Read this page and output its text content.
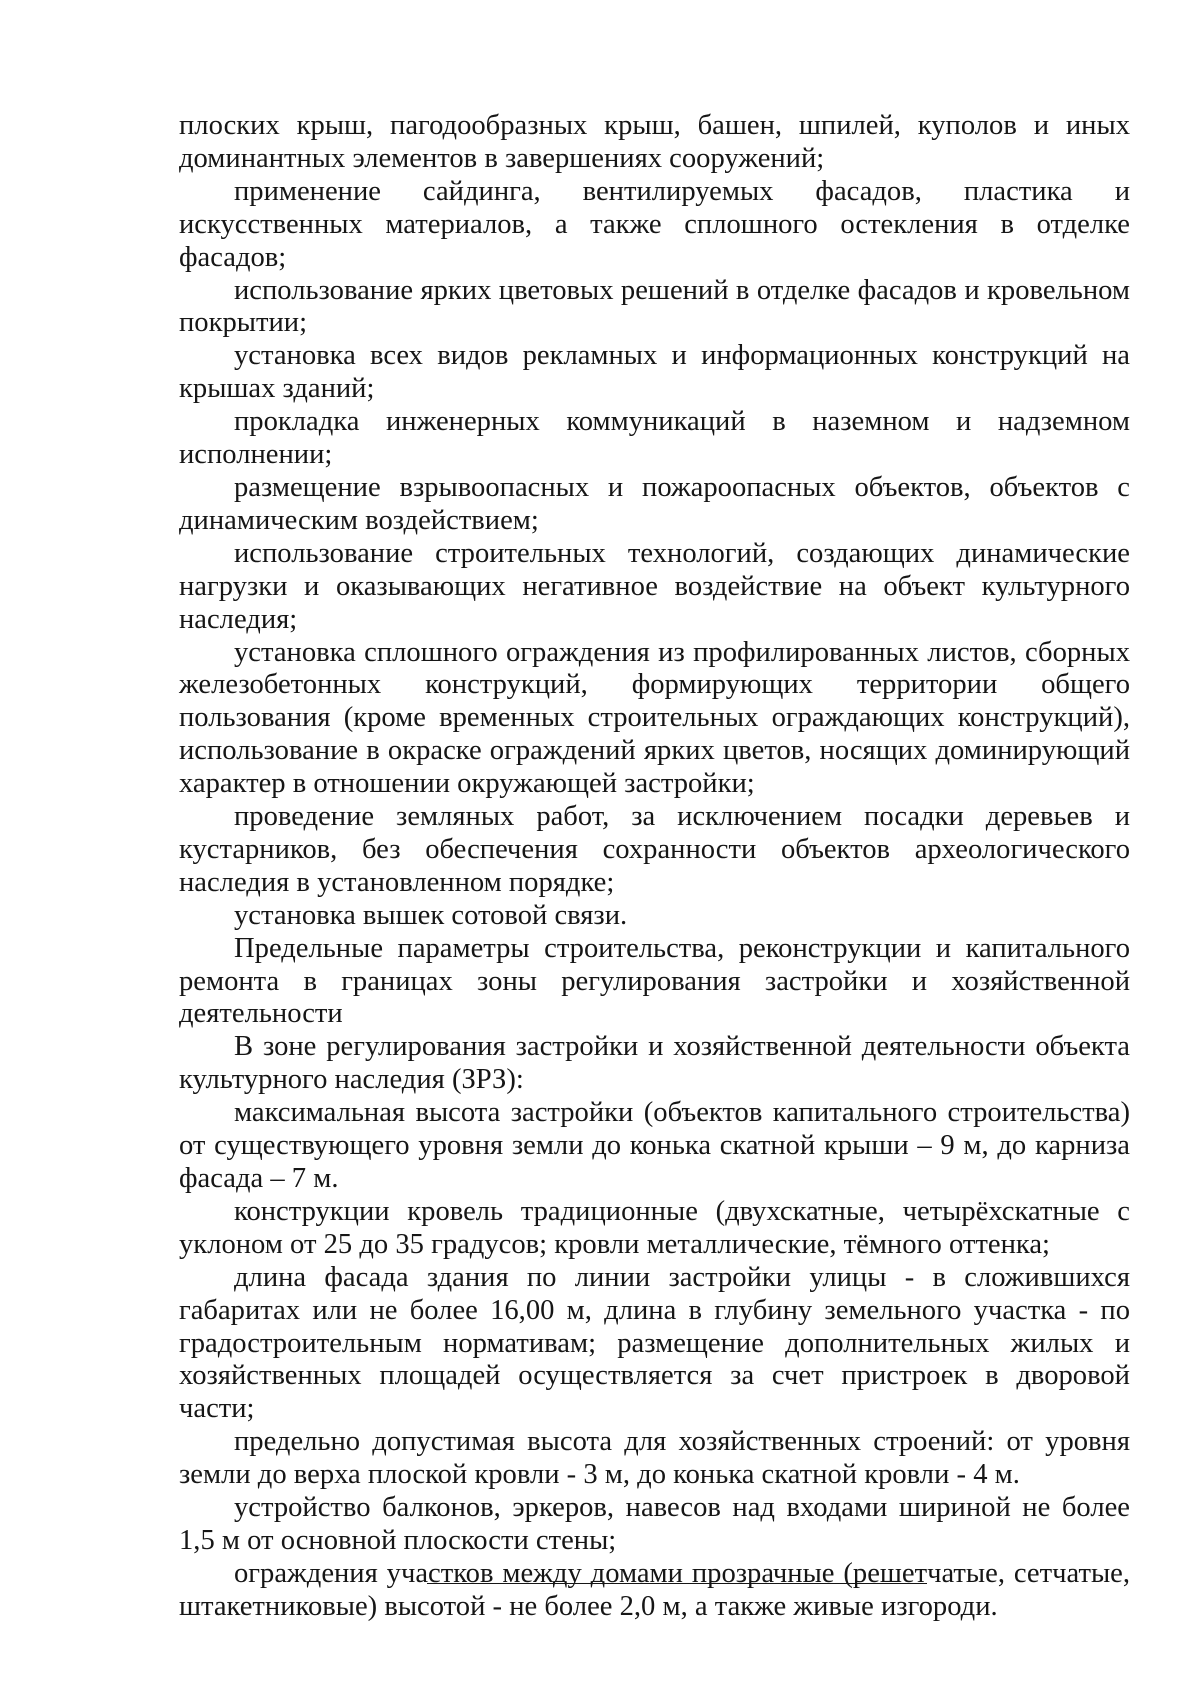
плоских крыш, пагодообразных крыш, башен, шпилей, куполов и иных доминантных элементов в завершениях сооружений;

применение сайдинга, вентилируемых фасадов, пластика и искусственных материалов, а также сплошного остекления в отделке фасадов;

использование ярких цветовых решений в отделке фасадов и кровельном покрытии;

установка всех видов рекламных и информационных конструкций на крышах зданий;

прокладка инженерных коммуникаций в наземном и надземном исполнении;

размещение взрывоопасных и пожароопасных объектов, объектов с динамическим воздействием;

использование строительных технологий, создающих динамические нагрузки и оказывающих негативное воздействие на объект культурного наследия;

установка сплошного ограждения из профилированных листов, сборных железобетонных конструкций, формирующих территории общего пользования (кроме временных строительных ограждающих конструкций), использование в окраске ограждений ярких цветов, носящих доминирующий характер в отношении окружающей застройки;

проведение земляных работ, за исключением посадки деревьев и кустарников, без обеспечения сохранности объектов археологического наследия в установленном порядке;

установка вышек сотовой связи.

Предельные параметры строительства, реконструкции и капитального ремонта в границах зоны регулирования застройки и хозяйственной деятельности

В зоне регулирования застройки и хозяйственной деятельности объекта культурного наследия (ЗРЗ):

максимальная высота застройки (объектов капитального строительства) от существующего уровня земли до конька скатной крыши – 9 м, до карниза фасада – 7 м.

конструкции кровель традиционные (двухскатные, четырёхскатные с уклоном от 25 до 35 градусов; кровли металлические, тёмного оттенка;

длина фасада здания по линии застройки улицы - в сложившихся габаритах или не более 16,00 м, длина в глубину земельного участка - по градостроительным нормативам; размещение дополнительных жилых и хозяйственных площадей осуществляется за счет пристроек в дворовой части;

предельно допустимая высота для хозяйственных строений: от уровня земли до верха плоской кровли - 3 м, до конька скатной кровли - 4 м.

устройство балконов, эркеров, навесов над входами шириной не более 1,5 м от основной плоскости стены;

ограждения участков между домами прозрачные (решетчатые, сетчатые, штакетниковые) высотой - не более 2,0 м, а также живые изгороди.
